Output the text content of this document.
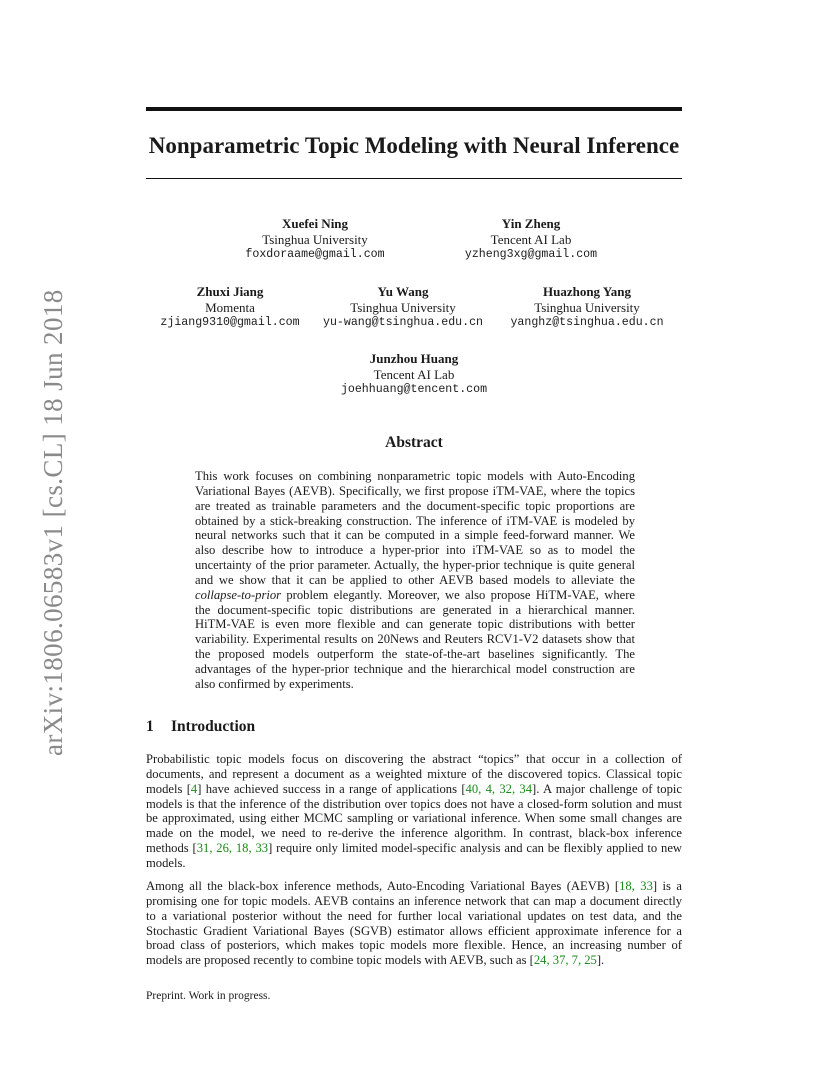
Nonparametric Topic Modeling with Neural Inference
arXiv:1806.06583v1 [cs.CL] 18 Jun 2018
Xuefei Ning
Tsinghua University
foxdoraame@gmail.com
Yin Zheng
Tencent AI Lab
yzheng3xg@gmail.com
Zhuxi Jiang
Momenta
zjiang9310@gmail.com
Yu Wang
Tsinghua University
yu-wang@tsinghua.edu.cn
Huazhong Yang
Tsinghua University
yanghz@tsinghua.edu.cn
Junzhou Huang
Tencent AI Lab
joehhuang@tencent.com
Abstract

This work focuses on combining nonparametric topic models with Auto-Encoding Variational Bayes (AEVB). Specifically, we first propose iTM-VAE, where the topics are treated as trainable parameters and the document-specific topic proportions are obtained by a stick-breaking construction. The inference of iTM-VAE is modeled by neural networks such that it can be computed in a simple feed-forward manner. We also describe how to introduce a hyper-prior into iTM-VAE so as to model the uncertainty of the prior parameter. Actually, the hyper-prior technique is quite general and we show that it can be applied to other AEVB based models to alleviate the collapse-to-prior problem elegantly. Moreover, we also propose HiTM-VAE, where the document-specific topic distributions are generated in a hierarchical manner. HiTM-VAE is even more flexible and can generate topic distributions with better variability. Experimental results on 20News and Reuters RCV1-V2 datasets show that the proposed models outperform the state-of-the-art baselines significantly. The advantages of the hyper-prior technique and the hierarchical model construction are also confirmed by experiments.

1 Introduction

Probabilistic topic models focus on discovering the abstract “topics” that occur in a collection of documents, and represent a document as a weighted mixture of the discovered topics. Classical topic models [4] have achieved success in a range of applications [40, 4, 32, 34]. A major challenge of topic models is that the inference of the distribution over topics does not have a closed-form solution and must be approximated, using either MCMC sampling or variational inference. When some small changes are made on the model, we need to re-derive the inference algorithm. In contrast, black-box inference methods [31, 26, 18, 33] require only limited model-specific analysis and can be flexibly applied to new models.

Among all the black-box inference methods, Auto-Encoding Variational Bayes (AEVB) [18, 33] is a promising one for topic models. AEVB contains an inference network that can map a document directly to a variational posterior without the need for further local variational updates on test data, and the Stochastic Gradient Variational Bayes (SGVB) estimator allows efficient approximate inference for a broad class of posteriors, which makes topic models more flexible. Hence, an increasing number of models are proposed recently to combine topic models with AEVB, such as [24, 37, 7, 25].

Preprint. Work in progress.
